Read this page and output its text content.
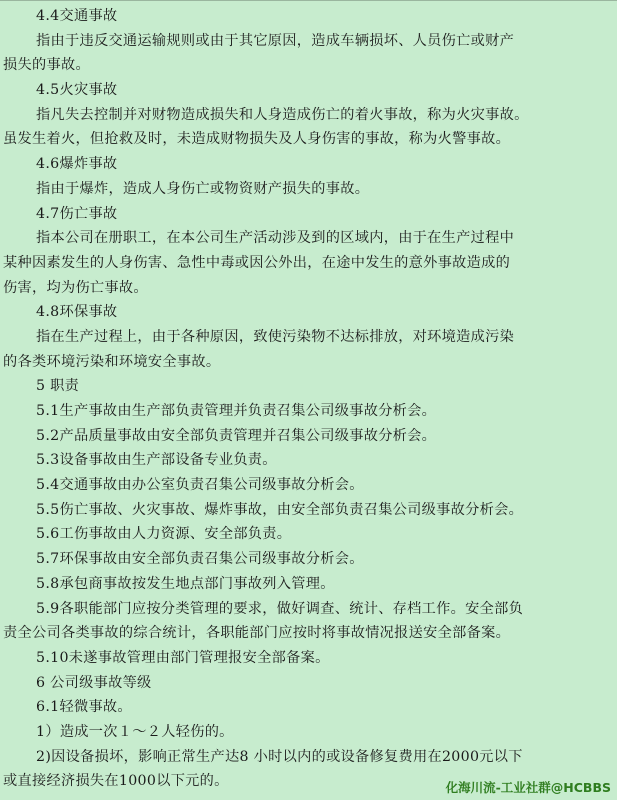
4.4交通事故
指由于违反交通运输规则或由于其它原因，造成车辆损坏、人员伤亡或财产
损失的事故。
4.5火灾事故
指凡失去控制并对财物造成损失和人身造成伤亡的着火事故，称为火灾事故。
虽发生着火，但抢救及时，未造成财物损失及人身伤害的事故，称为火警事故。
4.6爆炸事故
指由于爆炸，造成人身伤亡或物资财产损失的事故。
4.7伤亡事故
指本公司在册职工，在本公司生产活动涉及到的区域内，由于在生产过程中
某种因素发生的人身伤害、急性中毒或因公外出，在途中发生的意外事故造成的
伤害，均为伤亡事故。
4.8环保事故
指在生产过程上，由于各种原因，致使污染物不达标排放，对环境造成污染
的各类环境污染和环境安全事故。
5 职责
5.1生产事故由生产部负责管理并负责召集公司级事故分析会。
5.2产品质量事故由安全部负责管理并召集公司级事故分析会。
5.3设备事故由生产部设备专业负责。
5.4交通事故由办公室负责召集公司级事故分析会。
5.5伤亡事故、火灾事故、爆炸事故，由安全部负责召集公司级事故分析会。
5.6工伤事故由人力资源、安全部负责。
5.7环保事故由安全部负责召集公司级事故分析会。
5.8承包商事故按发生地点部门事故列入管理。
5.9各职能部门应按分类管理的要求，做好调查、统计、存档工作。安全部负
责全公司各类事故的综合统计，各职能部门应按时将事故情况报送安全部备案。
5.10未遂事故管理由部门管理报安全部备案。
6 公司级事故等级
6.1轻微事故。
1）造成一次１～２人轻伤的。
2)因设备损坏，影响正常生产达8 小时以内的或设备修复费用在2000元以下
或直接经济损失在1000以下元的。	化海川流-工业社群@HCBBS
